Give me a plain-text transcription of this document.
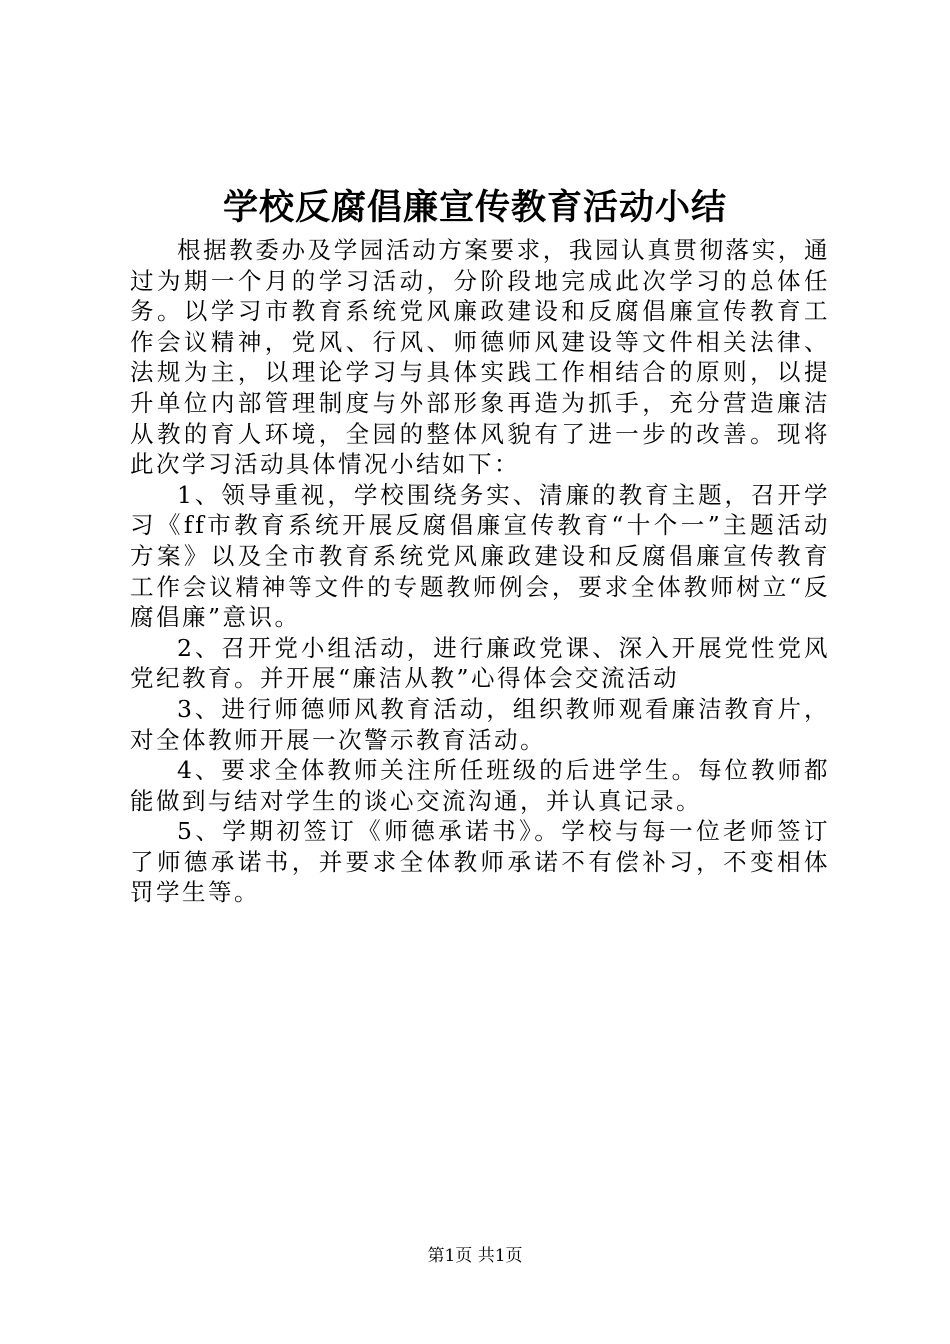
学校反腐倡廉宣传教育活动小结

根据教委办及学园活动方案要求，我园认真贯彻落实，通过为期一个月的学习活动，分阶段地完成此次学习的总体任务。以学习市教育系统党风廉政建设和反腐倡廉宣传教育工作会议精神，党风、行风、师德师风建设等文件相关法律、法规为主，以理论学习与具体实践工作相结合的原则，以提升单位内部管理制度与外部形象再造为抓手，充分营造廉洁从教的育人环境，全园的整体风貌有了进一步的改善。现将此次学习活动具体情况小结如下：

1、领导重视，学校围绕务实、清廉的教育主题，召开学习《ff市教育系统开展反腐倡廉宣传教育“十个一”主题活动方案》以及全市教育系统党风廉政建设和反腐倡廉宣传教育工作会议精神等文件的专题教师例会，要求全体教师树立“反腐倡廉”意识。

2、召开党小组活动，进行廉政党课、深入开展党性党风党纪教育。并开展“廉洁从教”心得体会交流活动

3、进行师德师风教育活动，组织教师观看廉洁教育片，对全体教师开展一次警示教育活动。

4、要求全体教师关注所任班级的后进学生。每位教师都能做到与结对学生的谈心交流沟通，并认真记录。

5、学期初签订《师德承诺书》。学校与每一位老师签订了师德承诺书，并要求全体教师承诺不有偿补习，不变相体罚学生等。

第1页 共1页
